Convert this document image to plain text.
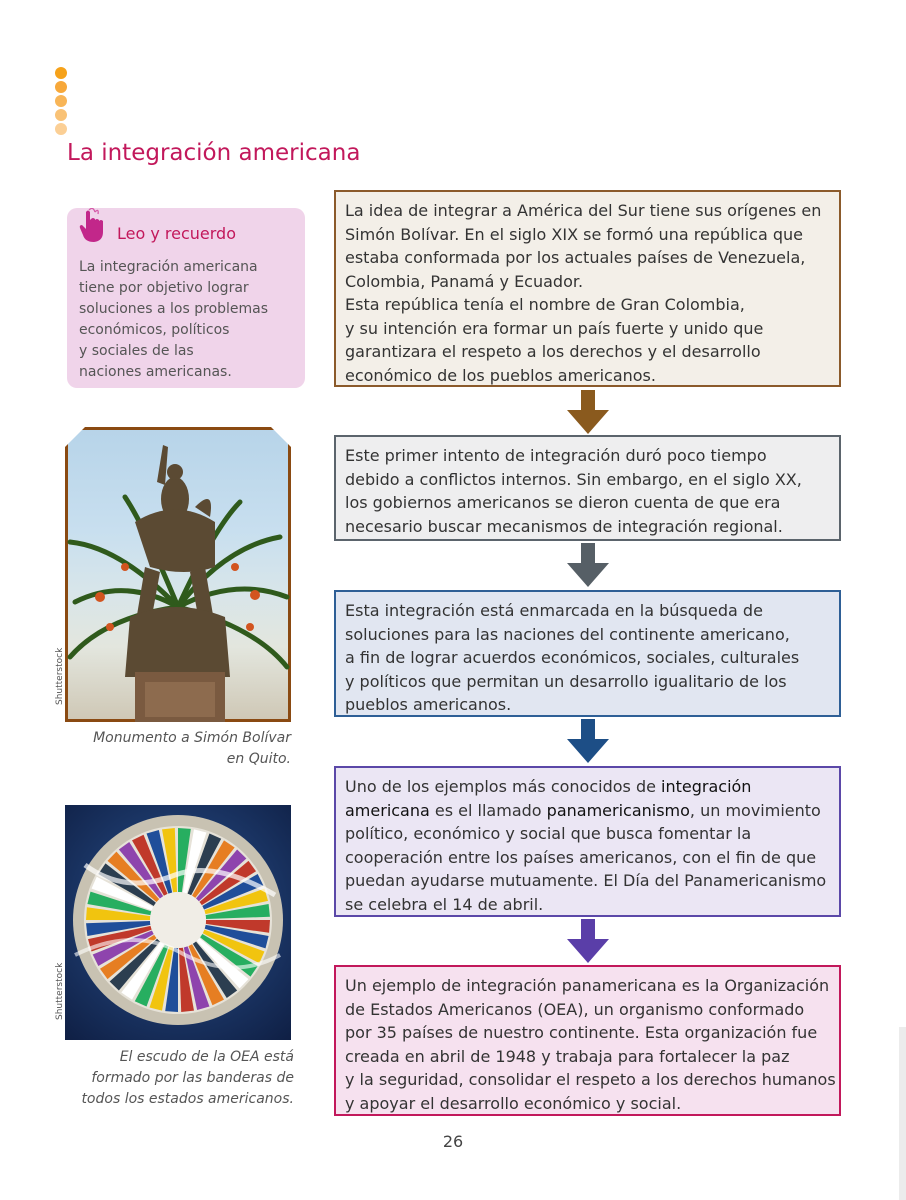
La integración americana
Leo y recuerdo
La integración americana
tiene por objetivo lograr
soluciones a los problemas
económicos, políticos
y sociales de las
naciones americanas.
Shutterstock
Monumento a Simón Bolívar
en Quito.
Shutterstock
El escudo de la OEA está
formado por las banderas de
todos los estados americanos.
La idea de integrar a América del Sur tiene sus orígenes en
Simón Bolívar. En el siglo XIX se formó una república que
estaba conformada por los actuales países de Venezuela,
Colombia, Panamá y Ecuador.
Esta república tenía el nombre de Gran Colombia,
y su intención era formar un país fuerte y unido que
garantizara el respeto a los derechos y el desarrollo
económico de los pueblos americanos.
Este primer intento de integración duró poco tiempo
debido a conflictos internos. Sin embargo, en el siglo XX,
los gobiernos americanos se dieron cuenta de que era
necesario buscar mecanismos de integración regional.
Esta integración está enmarcada en la búsqueda de
soluciones para las naciones del continente americano,
a fin de lograr acuerdos económicos, sociales, culturales
y políticos que permitan un desarrollo igualitario de los
pueblos americanos.
Uno de los ejemplos más conocidos de integración
americana es el llamado panamericanismo, un movimiento
político, económico y social que busca fomentar la
cooperación entre los países americanos, con el fin de que
puedan ayudarse mutuamente. El Día del Panamericanismo
se celebra el 14 de abril.
Un ejemplo de integración panamericana es la Organización
de Estados Americanos (OEA), un organismo conformado
por 35 países de nuestro continente. Esta organización fue
creada en abril de 1948 y trabaja para fortalecer la paz
y la seguridad, consolidar el respeto a los derechos humanos
y apoyar el desarrollo económico y social.
26
